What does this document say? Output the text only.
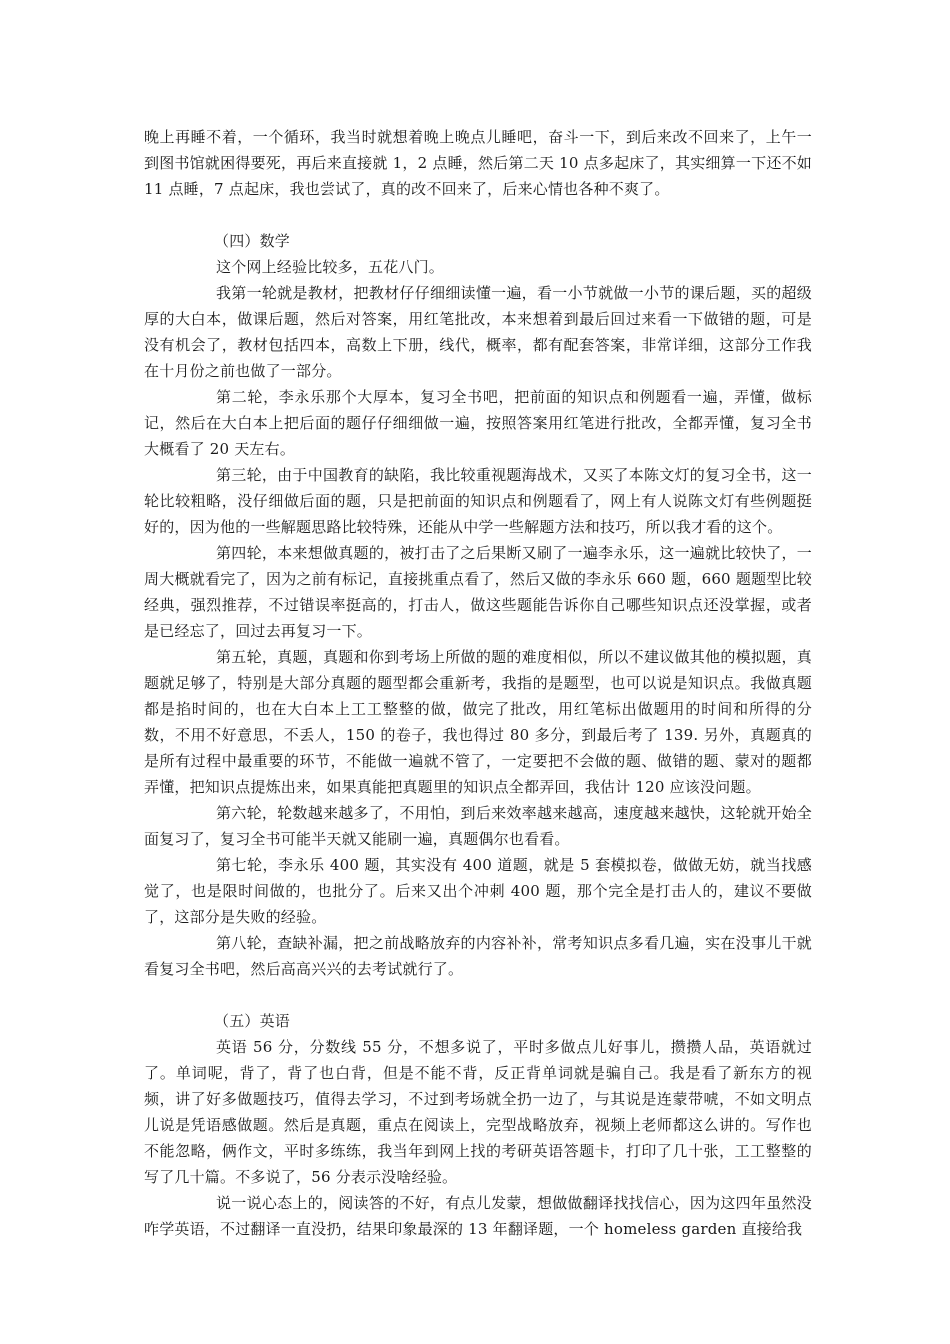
晚上再睡不着，一个循环，我当时就想着晚上晚点儿睡吧，奋斗一下，到后来改不回来了，上午一到图书馆就困得要死，再后来直接就 1，2 点睡，然后第二天 10 点多起床了，其实细算一下还不如 11 点睡，7 点起床，我也尝试了，真的改不回来了，后来心情也各种不爽了。

（四）数学

这个网上经验比较多，五花八门。

我第一轮就是教材，把教材仔仔细细读懂一遍，看一小节就做一小节的课后题，买的超级厚的大白本，做课后题，然后对答案，用红笔批改，本来想着到最后回过来看一下做错的题，可是没有机会了，教材包括四本，高数上下册，线代，概率，都有配套答案，非常详细，这部分工作我在十月份之前也做了一部分。

第二轮，李永乐那个大厚本，复习全书吧，把前面的知识点和例题看一遍，弄懂，做标记，然后在大白本上把后面的题仔仔细细做一遍，按照答案用红笔进行批改，全都弄懂，复习全书大概看了 20 天左右。

第三轮，由于中国教育的缺陷，我比较重视题海战术，又买了本陈文灯的复习全书，这一轮比较粗略，没仔细做后面的题，只是把前面的知识点和例题看了，网上有人说陈文灯有些例题挺好的，因为他的一些解题思路比较特殊，还能从中学一些解题方法和技巧，所以我才看的这个。

第四轮，本来想做真题的，被打击了之后果断又刷了一遍李永乐，这一遍就比较快了，一周大概就看完了，因为之前有标记，直接挑重点看了，然后又做的李永乐 660 题，660 题题型比较经典，强烈推荐，不过错误率挺高的，打击人，做这些题能告诉你自己哪些知识点还没掌握，或者是已经忘了，回过去再复习一下。

第五轮，真题，真题和你到考场上所做的题的难度相似，所以不建议做其他的模拟题，真题就足够了，特别是大部分真题的题型都会重新考，我指的是题型，也可以说是知识点。我做真题都是掐时间的，也在大白本上工工整整的做，做完了批改，用红笔标出做题用的时间和所得的分数，不用不好意思，不丢人，150 的卷子，我也得过 80 多分，到最后考了 139. 另外，真题真的是所有过程中最重要的环节，不能做一遍就不管了，一定要把不会做的题、做错的题、蒙对的题都弄懂，把知识点提炼出来，如果真能把真题里的知识点全都弄回，我估计 120 应该没问题。

第六轮，轮数越来越多了，不用怕，到后来效率越来越高，速度越来越快，这轮就开始全面复习了，复习全书可能半天就又能刷一遍，真题偶尔也看看。

第七轮，李永乐 400 题，其实没有 400 道题，就是 5 套模拟卷，做做无妨，就当找感觉了，也是限时间做的，也批分了。后来又出个冲刺 400 题，那个完全是打击人的，建议不要做了，这部分是失败的经验。

第八轮，查缺补漏，把之前战略放弃的内容补补，常考知识点多看几遍，实在没事儿干就看复习全书吧，然后高高兴兴的去考试就行了。

（五）英语

英语 56 分，分数线 55 分，不想多说了，平时多做点儿好事儿，攒攒人品，英语就过了。单词呢，背了，背了也白背，但是不能不背，反正背单词就是骗自己。我是看了新东方的视频，讲了好多做题技巧，值得去学习，不过到考场就全扔一边了，与其说是连蒙带唬，不如文明点儿说是凭语感做题。然后是真题，重点在阅读上，完型战略放弃，视频上老师都这么讲的。写作也不能忽略，俩作文，平时多练练，我当年到网上找的考研英语答题卡，打印了几十张，工工整整的写了几十篇。不多说了，56 分表示没啥经验。

说一说心态上的，阅读答的不好，有点儿发蒙，想做做翻译找找信心，因为这四年虽然没咋学英语，不过翻译一直没扔，结果印象最深的 13 年翻译题，一个 homeless garden 直接给我
